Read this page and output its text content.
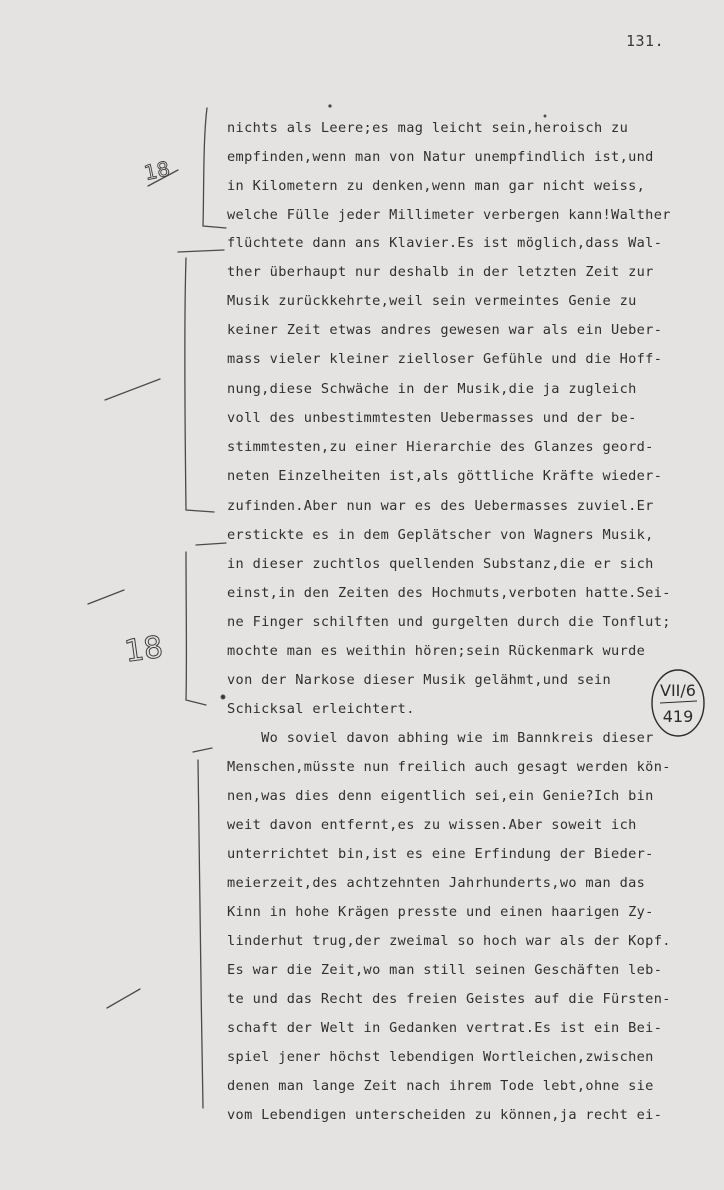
131.
nichts als Leere;es mag leicht sein,heroisch zu
empfinden,wenn man von Natur unempfindlich ist,und
in Kilometern zu denken,wenn man gar nicht weiss,
welche Fülle jeder Millimeter verbergen kann!Walther
flüchtete dann ans Klavier.Es ist möglich,dass Wal-
ther überhaupt nur deshalb in der letzten Zeit zur
Musik zurückkehrte,weil sein vermeintes Genie zu
keiner Zeit etwas andres gewesen war als ein Ueber-
mass vieler kleiner zielloser Gefühle und die Hoff-
nung,diese Schwäche in der Musik,die ja zugleich
voll des unbestimmtesten Uebermasses und der be-
stimmtesten,zu einer Hierarchie des Glanzes geord-
neten Einzelheiten ist,als göttliche Kräfte wieder-
zufinden.Aber nun war es des Uebermasses zuviel.Er
erstickte es in dem Geplätscher von Wagners Musik,
in dieser zuchtlos quellenden Substanz,die er sich
einst,in den Zeiten des Hochmuts,verboten hatte.Sei-
ne Finger schilften und gurgelten durch die Tonflut;
mochte man es weithin hören;sein Rückenmark wurde
von der Narkose dieser Musik gelähmt,und sein
Schicksal erleichtert.
Wo soviel davon abhing wie im Bannkreis dieser
Menschen,müsste nun freilich auch gesagt werden kön-
nen,was dies denn eigentlich sei,ein Genie?Ich bin
weit davon entfernt,es zu wissen.Aber soweit ich
unterrichtet bin,ist es eine Erfindung der Bieder-
meierzeit,des achtzehnten Jahrhunderts,wo man das
Kinn in hohe Krägen presste und einen haarigen Zy-
linderhut trug,der zweimal so hoch war als der Kopf.
Es war die Zeit,wo man still seinen Geschäften leb-
te und das Recht des freien Geistes auf die Fürsten-
schaft der Welt in Gedanken vertrat.Es ist ein Bei-
spiel jener höchst lebendigen Wortleichen,zwischen
denen man lange Zeit nach ihrem Tode lebt,ohne sie
vom Lebendigen unterscheiden zu können,ja recht ei-
18
18
VII/6
419
